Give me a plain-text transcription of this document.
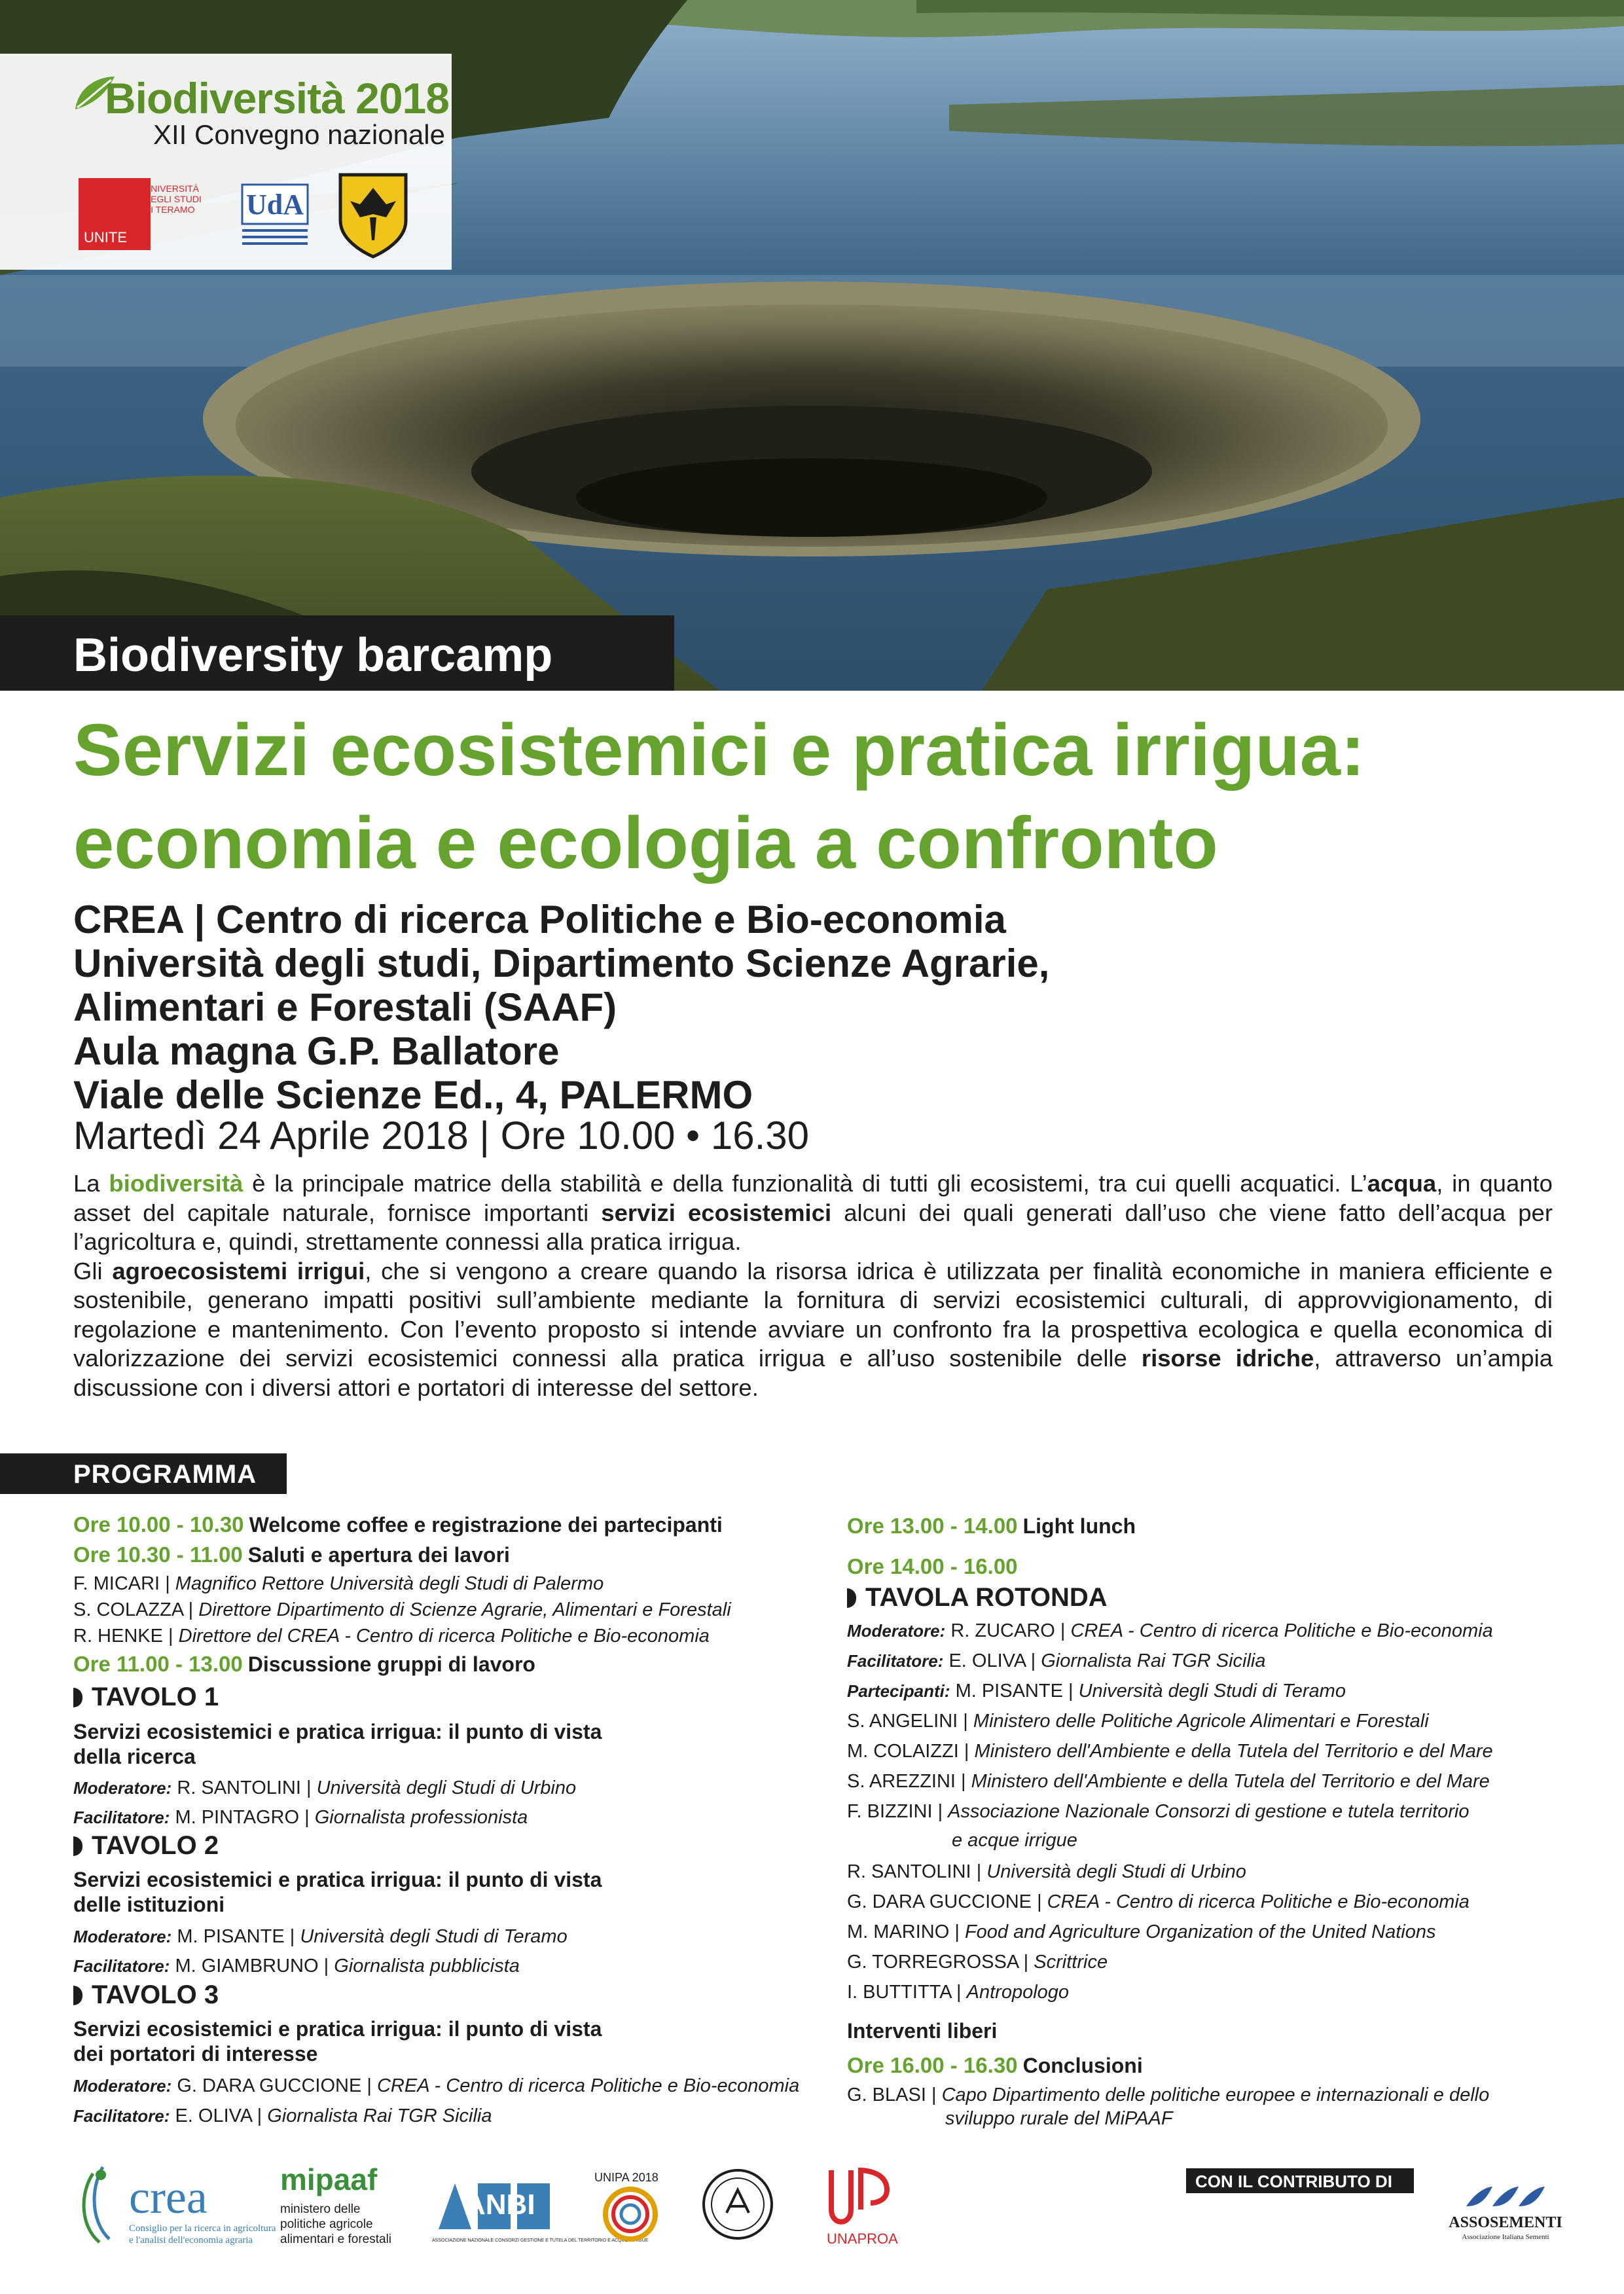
Biodiversità 2018
XII Convegno nazionale
UNITE
UNIVERSITÀ
DEGLI STUDI
DI TERAMO	UdA
Biodiversity barcamp
Servizi ecosistemici e pratica irrigua:
economia e ecologia a confronto
CREA | Centro di ricerca Politiche e Bio-economia
Università degli studi, Dipartimento Scienze Agrarie,
Alimentari e Forestali (SAAF)
Aula magna G.P. Ballatore
Viale delle Scienze Ed., 4, PALERMO
Martedì 24 Aprile 2018 | Ore 10.00 • 16.30

La biodiversità è la principale matrice della stabilità e della funzionalità di tutti gli ecosistemi, tra cui quelli acquatici. L’acqua, in quanto asset del capitale naturale, fornisce importanti servizi ecosistemici alcuni dei quali generati dall’uso che viene fatto dell’acqua per l’agricoltura e, quindi, strettamente connessi alla pratica irrigua.

Gli agroecosistemi irrigui, che si vengono a creare quando la risorsa idrica è utilizzata per finalità economiche in maniera efficiente e sostenibile, generano impatti positivi sull’ambiente mediante la fornitura di servizi ecosistemici culturali, di approvvigionamento, di regolazione e mantenimento. Con l’evento proposto si intende avviare un confronto fra la prospettiva ecologica e quella economica di valorizzazione dei servizi ecosistemici connessi alla pratica irrigua e all’uso sostenibile delle risorse idriche, attraverso un’ampia discussione con i diversi attori e portatori di interesse del settore.

PROGRAMMA
Ore 10.00 - 10.30 Welcome coffee e registrazione dei partecipanti
Ore 10.30 - 11.00 Saluti e apertura dei lavori
F. MICARI | Magnifico Rettore Università degli Studi di Palermo
S. COLAZZA | Direttore Dipartimento di Scienze Agrarie, Alimentari e Forestali
R. HENKE | Direttore del CREA - Centro di ricerca Politiche e Bio-economia
Ore 11.00 - 13.00 Discussione gruppi di lavoro
TAVOLO 1
Servizi ecosistemici e pratica irrigua: il punto di vista
della ricerca
Moderatore: R. SANTOLINI | Università degli Studi di Urbino
Facilitatore: M. PINTAGRO | Giornalista professionista
TAVOLO 2
Servizi ecosistemici e pratica irrigua: il punto di vista
delle istituzioni
Moderatore: M. PISANTE | Università degli Studi di Teramo
Facilitatore: M. GIAMBRUNO | Giornalista pubblicista
TAVOLO 3
Servizi ecosistemici e pratica irrigua: il punto di vista
dei portatori di interesse
Moderatore: G. DARA GUCCIONE | CREA - Centro di ricerca Politiche e Bio-economia
Facilitatore: E. OLIVA | Giornalista Rai TGR Sicilia
Ore 13.00 - 14.00 Light lunch
Ore 14.00 - 16.00
TAVOLA ROTONDA
Moderatore: R. ZUCARO | CREA - Centro di ricerca Politiche e Bio-economia
Facilitatore: E. OLIVA | Giornalista Rai TGR Sicilia
Partecipanti: M. PISANTE | Università degli Studi di Teramo
S. ANGELINI | Ministero delle Politiche Agricole Alimentari e Forestali
M. COLAIZZI | Ministero dell'Ambiente e della Tutela del Territorio e del Mare
S. AREZZINI | Ministero dell'Ambiente e della Tutela del Territorio e del Mare
F. BIZZINI | Associazione Nazionale Consorzi di gestione e tutela territorio
e acque irrigue
R. SANTOLINI | Università degli Studi di Urbino
G. DARA GUCCIONE | CREA - Centro di ricerca Politiche e Bio-economia
M. MARINO | Food and Agriculture Organization of the United Nations
G. TORREGROSSA | Scrittrice
I. BUTTITTA | Antropologo
Interventi liberi
Ore 16.00 - 16.30 Conclusioni
G. BLASI | Capo Dipartimento delle politiche europee e internazionali e dello
sviluppo rurale del MiPAAF
crea
Consiglio per la ricerca in agricoltura
e l'analisi dell'economia agraria
mipaaf
ministero delle
politiche agricole
alimentari e forestali
ANBI
ASSOCIAZIONE NAZIONALE CONSORZI GESTIONE E TUTELA DEL TERRITORIO E ACQUE IRRIGUE
UNIPA 2018
UNAPROA
CON IL CONTRIBUTO DI
ASSOSEMENTI
Associazione Italiana Sementi
